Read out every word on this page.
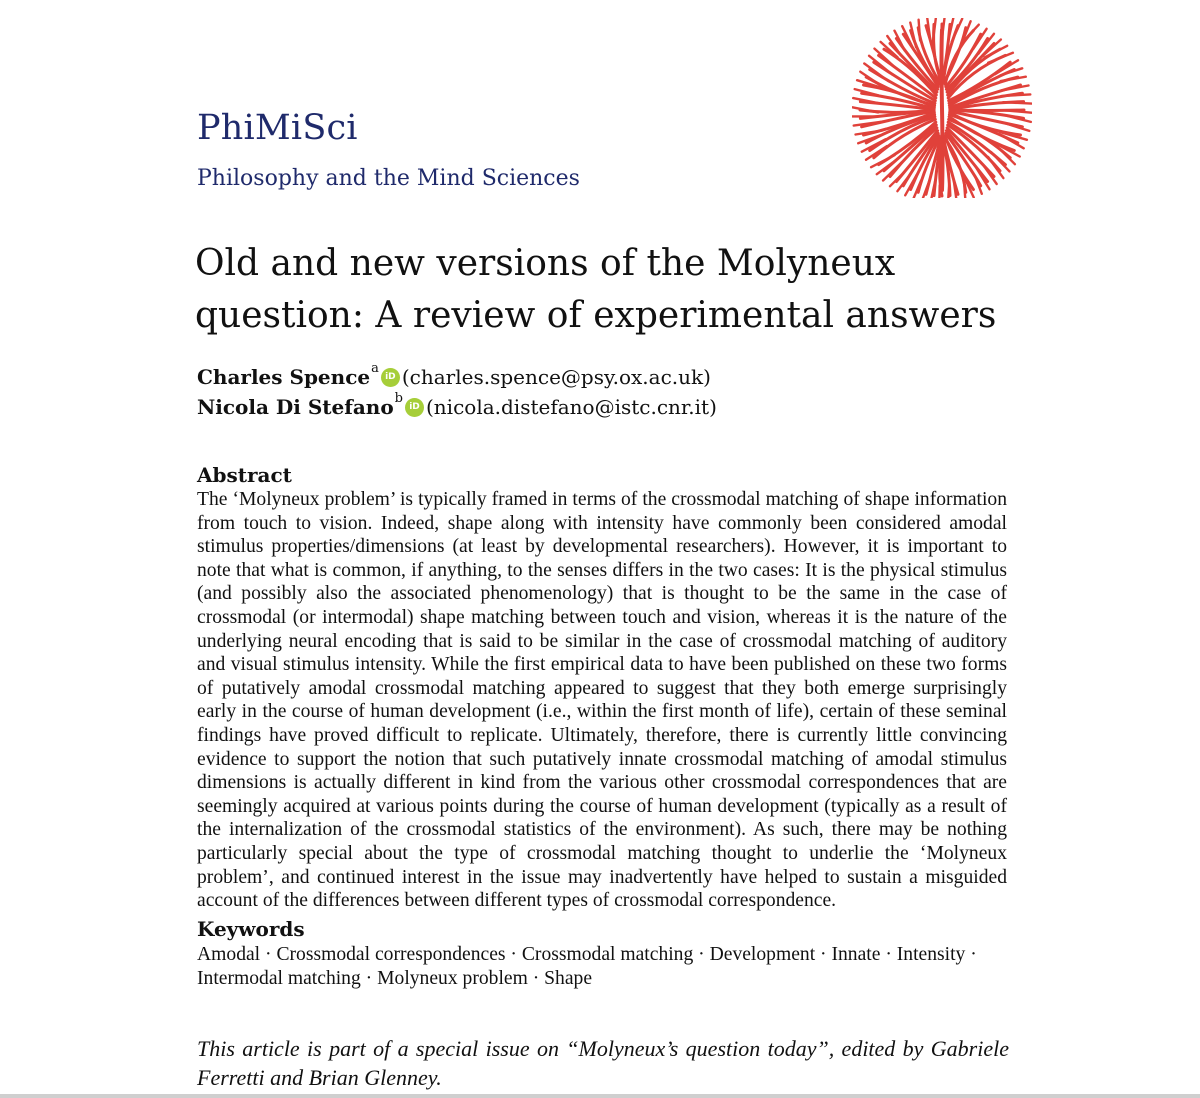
PhiMiSci

Philosophy and the Mind Sciences

Old and new versions of the Molyneux question: A review of experimental answers
Charles Spence$^a$
iD (charles.spence@psy.ox.ac.uk)
Nicola Di Stefano$^b$
iD (nicola.distefano@istc.cnr.it)
Abstract

The ‘Molyneux problem’ is typically framed in terms of the crossmodal matching of shape information from touch to vision. Indeed, shape along with intensity have commonly been considered amodal stimulus properties/dimensions (at least by developmental researchers). However, it is important to note that what is common, if anything, to the senses differs in the two cases: It is the physical stimulus (and possibly also the associated phenomenology) that is thought to be the same in the case of crossmodal (or intermodal) shape matching between touch and vision, whereas it is the nature of the underlying neural encoding that is said to be similar in the case of crossmodal matching of auditory and visual stimulus intensity. While the first empirical data to have been published on these two forms of putatively amodal crossmodal matching appeared to suggest that they both emerge surprisingly early in the course of human development (i.e., within the first month of life), certain of these seminal findings have proved difficult to replicate. Ultimately, therefore, there is currently little convincing evidence to support the notion that such putatively innate crossmodal matching of amodal stimulus dimensions is actually different in kind from the various other crossmodal correspondences that are seemingly acquired at various points during the course of human development (typically as a result of the internalization of the crossmodal statistics of the environment). As such, there may be nothing particularly special about the type of crossmodal matching thought to underlie the ‘Molyneux problem’, and continued interest in the issue may inadvertently have helped to sustain a misguided account of the differences between different types of crossmodal correspondence.

Keywords

Amodal · Crossmodal correspondences · Crossmodal matching · Development · Innate · Intensity · Intermodal matching · Molyneux problem · Shape

This article is part of a special issue on “Molyneux’s question today”, edited by Gabriele Ferretti and Brian Glenney.
